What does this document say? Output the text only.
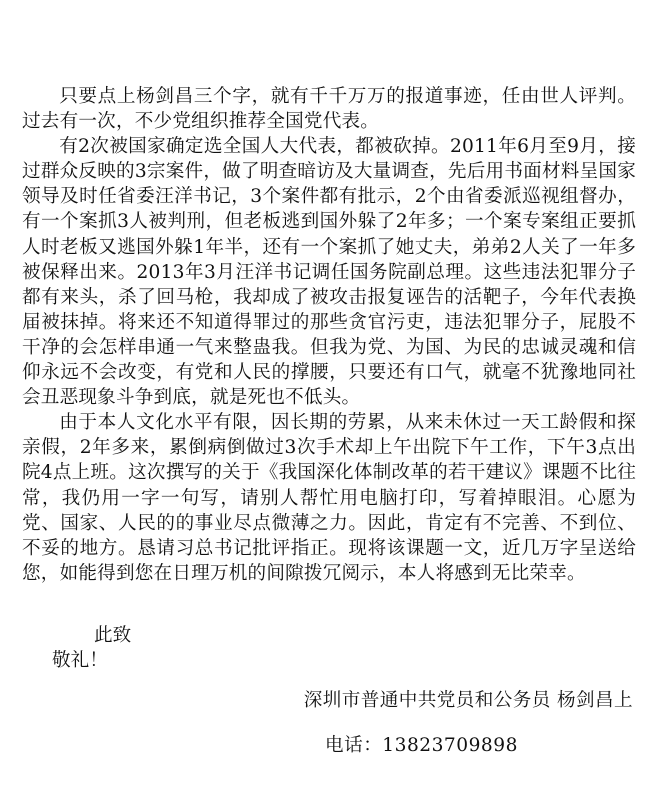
只要点上杨剑昌三个字，就有千千万万的报道事迹，任由世人评判。过去有一次，不少党组织推荐全国党代表。

有2次被国家确定选全国人大代表，都被砍掉。2011年6月至9月，接过群众反映的3宗案件，做了明查暗访及大量调查，先后用书面材料呈国家领导及时任省委汪洋书记，3个案件都有批示，2个由省委派巡视组督办，有一个案抓3人被判刑，但老板逃到国外躲了2年多；一个案专案组正要抓人时老板又逃国外躲1年半，还有一个案抓了她丈夫，弟弟2人关了一年多被保释出来。2013年3月汪洋书记调任国务院副总理。这些违法犯罪分子都有来头，杀了回马枪，我却成了被攻击报复诬告的活靶子，今年代表换届被抹掉。将来还不知道得罪过的那些贪官污吏，违法犯罪分子，屁股不干净的会怎样串通一气来整蛊我。但我为党、为国、为民的忠诚灵魂和信仰永远不会改变，有党和人民的撑腰，只要还有口气，就毫不犹豫地同社会丑恶现象斗争到底，就是死也不低头。

由于本人文化水平有限，因长期的劳累，从来未休过一天工龄假和探亲假，2年多来，累倒病倒做过3次手术却上午出院下午工作，下午3点出院4点上班。这次撰写的关于《我国深化体制改革的若干建议》课题不比往常，我仍用一字一句写，请别人帮忙用电脑打印，写着掉眼泪。心愿为党、国家、人民的的事业尽点微薄之力。因此，肯定有不完善、不到位、不妥的地方。恳请习总书记批评指正。现将该课题一文，近几万字呈送给您，如能得到您在日理万机的间隙拨冗阅示，本人将感到无比荣幸。

此致
敬礼！
深圳市普通中共党员和公务员 杨剑昌上
电话：13823709898
